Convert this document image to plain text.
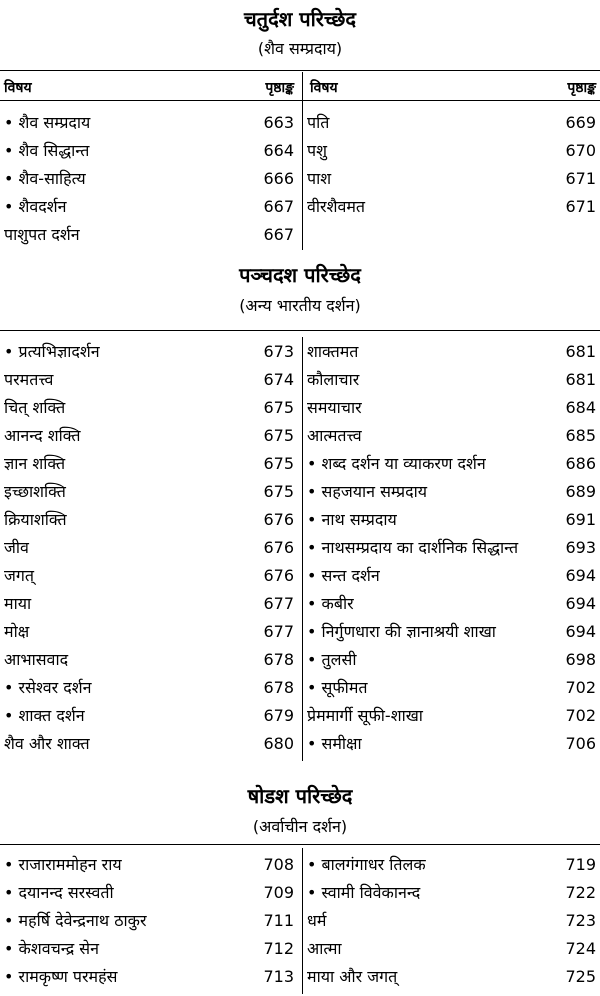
चतुर्दश परिच्छेद
(शैव सम्प्रदाय)
विषय	पृष्ठाङ्क विषय	पृष्ठाङ्क
• शैव सम्प्रदाय	663 पति	669
• शैव सिद्धान्त	664 पशु	670
• शैव-साहित्य	666 पाश	671
• शैवदर्शन	667 वीरशैवमत	671
पाशुपत दर्शन	667
पञ्चदश परिच्छेद
(अन्य भारतीय दर्शन)
• प्रत्यभिज्ञादर्शन	673 शाक्तमत	681
परमतत्त्व	674 कौलाचार	681
चित् शक्ति	675 समयाचार	684
आनन्द शक्ति	675 आत्मतत्त्व	685
ज्ञान शक्ति	675	• शब्द दर्शन या व्याकरण दर्शन	686
इच्छाशक्ति	675	• सहजयान सम्प्रदाय	689
क्रियाशक्ति	676	• नाथ सम्प्रदाय	691
जीव	676	• नाथसम्प्रदाय का दार्शनिक सिद्धान्त	693
जगत्	676	• सन्त दर्शन	694
माया	677	• कबीर	694
मोक्ष	677	• निर्गुणधारा की ज्ञानाश्रयी शाखा	694
आभासवाद	678	• तुलसी	698
• रसेश्वर दर्शन	678	• सूफीमत	702
• शाक्त दर्शन	679 प्रेममार्गी सूफी-शाखा	702
शैव और शाक्त	680	• समीक्षा	706
षोडश परिच्छेद
(अर्वाचीन दर्शन)
• राजाराममोहन राय	708	• बालगंगाधर तिलक	719
• दयानन्द सरस्वती	709	• स्वामी विवेकानन्द	722
• महर्षि देवेन्द्रनाथ ठाकुर	711 धर्म	723
• केशवचन्द्र सेन	712 आत्मा	724
• रामकृष्ण परमहंस	713 माया और जगत्	725
